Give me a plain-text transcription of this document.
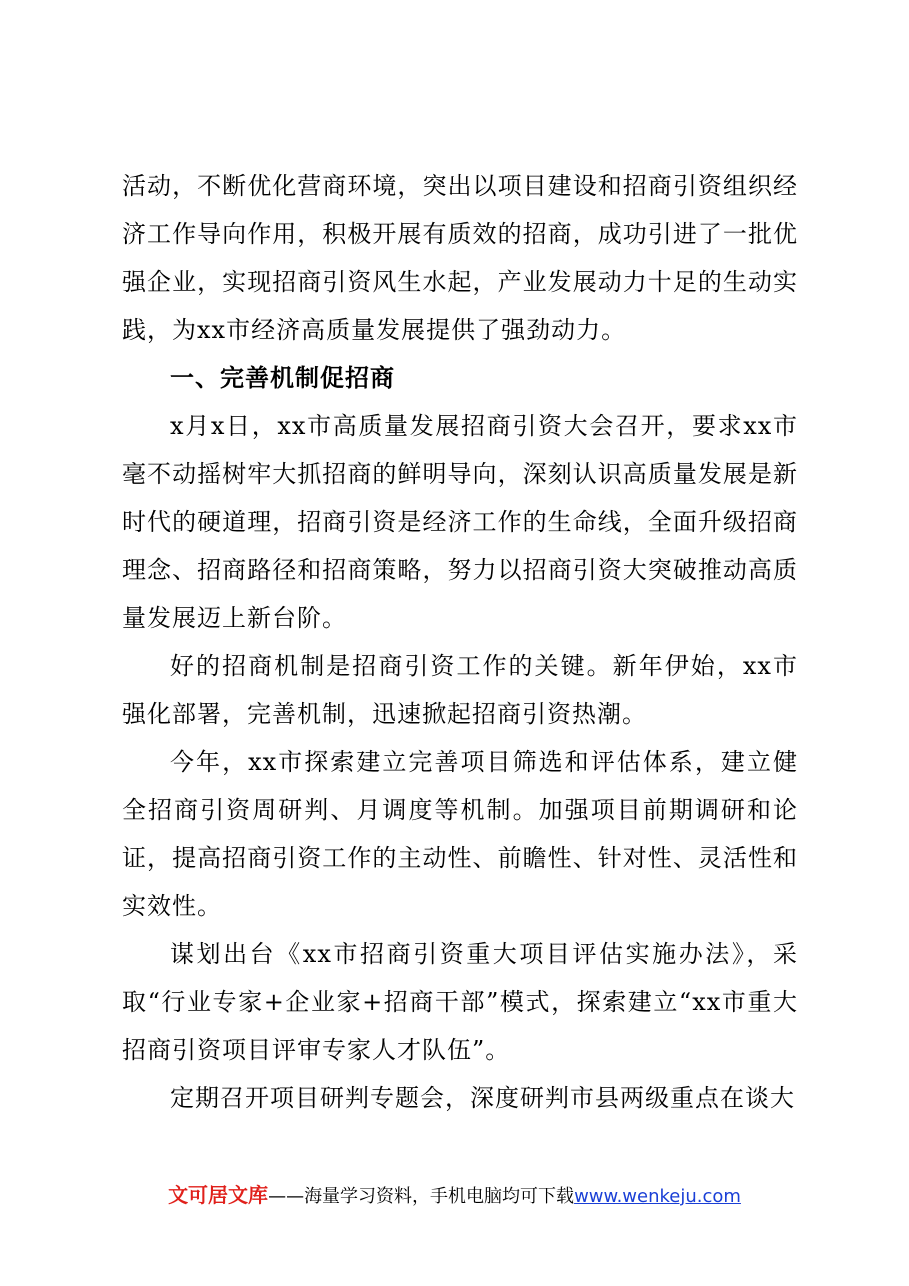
活动，不断优化营商环境，突出以项目建设和招商引资组织经济工作导向作用，积极开展有质效的招商，成功引进了一批优强企业，实现招商引资风生水起，产业发展动力十足的生动实践，为xx市经济高质量发展提供了强劲动力。

一、完善机制促招商

x月x日，xx市高质量发展招商引资大会召开，要求xx市毫不动摇树牢大抓招商的鲜明导向，深刻认识高质量发展是新时代的硬道理，招商引资是经济工作的生命线，全面升级招商理念、招商路径和招商策略，努力以招商引资大突破推动高质量发展迈上新台阶。

好的招商机制是招商引资工作的关键。新年伊始，xx市强化部署，完善机制，迅速掀起招商引资热潮。

今年，xx市探索建立完善项目筛选和评估体系，建立健全招商引资周研判、月调度等机制。加强项目前期调研和论证，提高招商引资工作的主动性、前瞻性、针对性、灵活性和实效性。

谋划出台《xx市招商引资重大项目评估实施办法》，采取“行业专家+企业家+招商干部”模式，探索建立“xx市重大招商引资项目评审专家人才队伍”。

定期召开项目研判专题会，深度研判市县两级重点在谈大

文可居文库——海量学习资料，手机电脑均可下载www.wenkeju.com
